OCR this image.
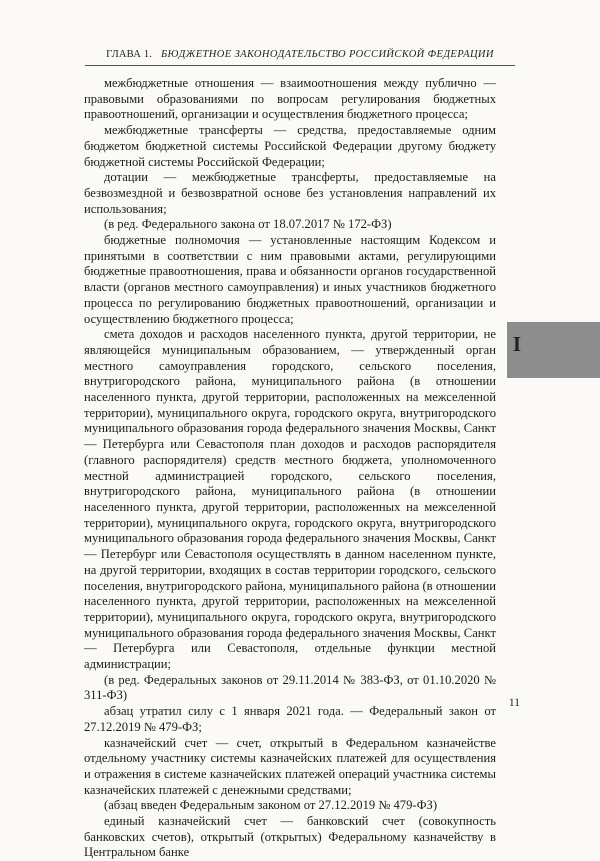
ГЛАВА 1. БЮДЖЕТНОЕ ЗАКОНОДАТЕЛЬСТВО РОССИЙСКОЙ ФЕДЕРАЦИИ

межбюджетные отношения — взаимоотношения между публично — правовыми образованиями по вопросам регулирования бюджетных правоотношений, организации и осуществления бюджетного процесса;

межбюджетные трансферты — средства, предоставляемые одним бюджетом бюджетной системы Российской Федерации другому бюджету бюджетной системы Российской Федерации;

дотации — межбюджетные трансферты, предоставляемые на безвозмездной и безвозвратной основе без установления направлений их использования;

(в ред. Федерального закона от 18.07.2017 № 172-ФЗ)

бюджетные полномочия — установленные настоящим Кодексом и принятыми в соответствии с ним правовыми актами, регулирующими бюджетные правоотношения, права и обязанности органов государственной власти (органов местного самоуправления) и иных участников бюджетного процесса по регулированию бюджетных правоотношений, организации и осуществлению бюджетного процесса;

смета доходов и расходов населенного пункта, другой территории, не являющейся муниципальным образованием, — утвержденный орган местного самоуправления городского, сельского поселения, внутригородского района, муниципального района (в отношении населенного пункта, другой территории, расположенных на межселенной территории), муниципального округа, городского округа, внутригородского муниципального образования города федерального значения Москвы, Санкт — Петербурга или Севастополя план доходов и расходов распорядителя (главного распорядителя) средств местного бюджета, уполномоченного местной администрацией городского, сельского поселения, внутригородского района, муниципального района (в отношении населенного пункта, другой территории, расположенных на межселенной территории), муниципального округа, городского округа, внутригородского муниципального образования города федерального значения Москвы, Санкт — Петербург или Севастополя осуществлять в данном населенном пункте, на другой территории, входящих в состав территории городского, сельского поселения, внутригородского района, муниципального района (в отношении населенного пункта, другой территории, расположенных на межселенной территории), муниципального округа, городского округа, внутригородского муниципального образования города федерального значения Москвы, Санкт — Петербурга или Севастополя, отдельные функции местной администрации;

(в ред. Федеральных законов от 29.11.2014 № 383-ФЗ, от 01.10.2020 № 311-ФЗ)

абзац утратил силу с 1 января 2021 года. — Федеральный закон от 27.12.2019 № 479-ФЗ;

казначейский счет — счет, открытый в Федеральном казначействе отдельному участнику системы казначейских платежей для осуществления и отражения в системе казначейских платежей операций участника системы казначейских платежей с денежными средствами;

(абзац введен Федеральным законом от 27.12.2019 № 479-ФЗ)

единый казначейский счет — банковский счет (совокупность банковских счетов), открытый (открытых) Федеральному казначейству в Центральном банке

I
11
